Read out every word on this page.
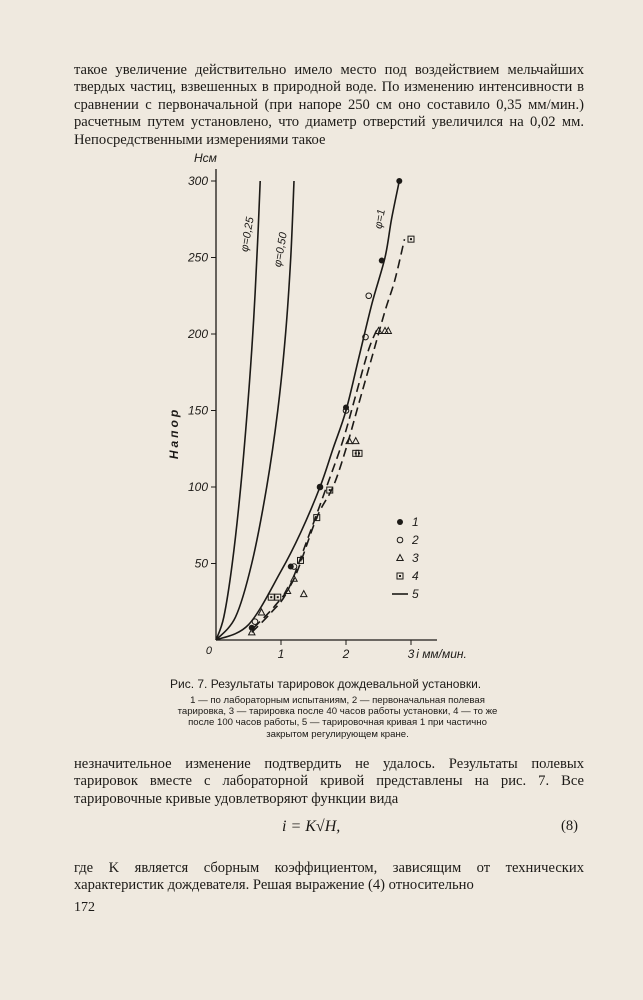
такое увеличение действительно имело место под воздействием мельчайших твердых частиц, взвешенных в природной воде. По изменению интенсивности в сравнении с первоначальной (при напоре 250 см оно составило 0,35 мм/мин.) расчетным путем установлено, что диаметр отверстий увеличился на 0,02 мм. Непосредственными измерениями такое

50
100
150
200
250
300
1	2	3
Напор
Нсм
i мм/мин.
0
φ=0,25 φ=0,50
φ=1
1
2
3
4
5

Рис. 7. Результаты тарировок дождевальной установки.

1 — по лабораторным испытаниям, 2 — первоначальная полевая тарировка, 3 — тарировка после 40 часов работы установки, 4 — то же после 100 часов работы, 5 — тарировочная кривая 1 при частично закрытом регулирующем кране.

незначительное изменение подтвердить не удалось. Результаты полевых тарировок вместе с лабораторной кривой представлены на рис. 7. Все тарировочные кривые удовлетворяют функции вида

i = K√H,	(8)

где K является сборным коэффициентом, зависящим от технических характеристик дождевателя. Решая выражение (4) относительно

172
